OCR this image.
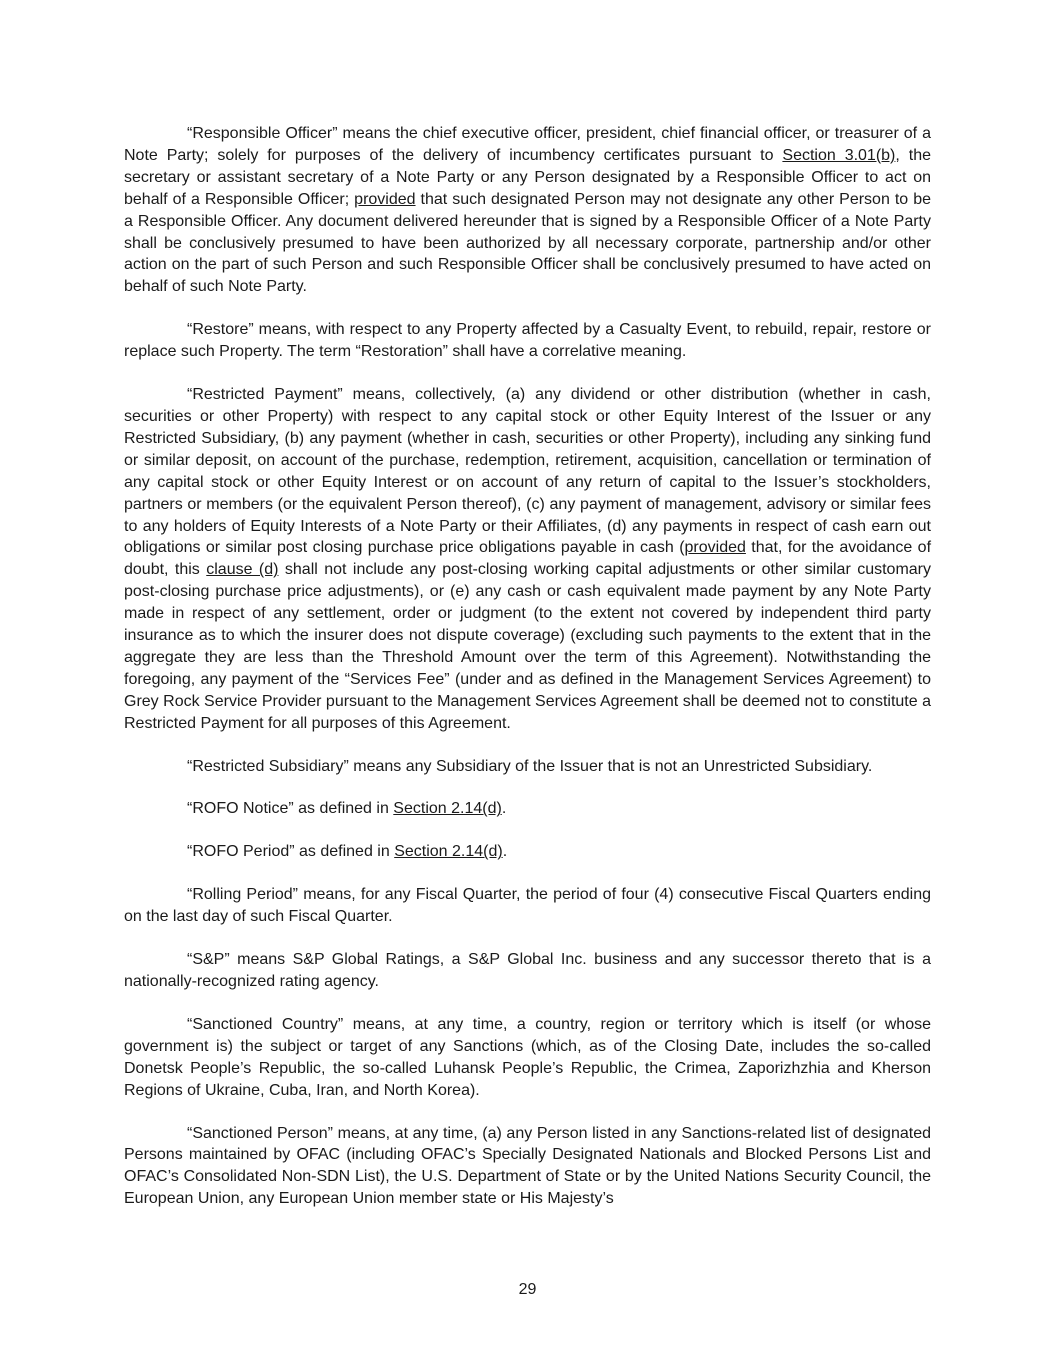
“Responsible Officer” means the chief executive officer, president, chief financial officer, or treasurer of a Note Party; solely for purposes of the delivery of incumbency certificates pursuant to Section 3.01(b), the secretary or assistant secretary of a Note Party or any Person designated by a Responsible Officer to act on behalf of a Responsible Officer; provided that such designated Person may not designate any other Person to be a Responsible Officer. Any document delivered hereunder that is signed by a Responsible Officer of a Note Party shall be conclusively presumed to have been authorized by all necessary corporate, partnership and/or other action on the part of such Person and such Responsible Officer shall be conclusively presumed to have acted on behalf of such Note Party.

“Restore” means, with respect to any Property affected by a Casualty Event, to rebuild, repair, restore or replace such Property. The term “Restoration” shall have a correlative meaning.

“Restricted Payment” means, collectively, (a) any dividend or other distribution (whether in cash, securities or other Property) with respect to any capital stock or other Equity Interest of the Issuer or any Restricted Subsidiary, (b) any payment (whether in cash, securities or other Property), including any sinking fund or similar deposit, on account of the purchase, redemption, retirement, acquisition, cancellation or termination of any capital stock or other Equity Interest or on account of any return of capital to the Issuer’s stockholders, partners or members (or the equivalent Person thereof), (c) any payment of management, advisory or similar fees to any holders of Equity Interests of a Note Party or their Affiliates, (d) any payments in respect of cash earn out obligations or similar post closing purchase price obligations payable in cash (provided that, for the avoidance of doubt, this clause (d) shall not include any post-closing working capital adjustments or other similar customary post-closing purchase price adjustments), or (e) any cash or cash equivalent made payment by any Note Party made in respect of any settlement, order or judgment (to the extent not covered by independent third party insurance as to which the insurer does not dispute coverage) (excluding such payments to the extent that in the aggregate they are less than the Threshold Amount over the term of this Agreement). Notwithstanding the foregoing, any payment of the “Services Fee” (under and as defined in the Management Services Agreement) to Grey Rock Service Provider pursuant to the Management Services Agreement shall be deemed not to constitute a Restricted Payment for all purposes of this Agreement.

“Restricted Subsidiary” means any Subsidiary of the Issuer that is not an Unrestricted Subsidiary.

“ROFO Notice” as defined in Section 2.14(d).

“ROFO Period” as defined in Section 2.14(d).

“Rolling Period” means, for any Fiscal Quarter, the period of four (4) consecutive Fiscal Quarters ending on the last day of such Fiscal Quarter.

“S&P” means S&P Global Ratings, a S&P Global Inc. business and any successor thereto that is a nationally-recognized rating agency.

“Sanctioned Country” means, at any time, a country, region or territory which is itself (or whose government is) the subject or target of any Sanctions (which, as of the Closing Date, includes the so-called Donetsk People’s Republic, the so-called Luhansk People’s Republic, the Crimea, Zaporizhzhia and Kherson Regions of Ukraine, Cuba, Iran, and North Korea).

“Sanctioned Person” means, at any time, (a) any Person listed in any Sanctions-related list of designated Persons maintained by OFAC (including OFAC’s Specially Designated Nationals and Blocked Persons List and OFAC’s Consolidated Non-SDN List), the U.S. Department of State or by the United Nations Security Council, the European Union, any European Union member state or His Majesty’s

29
